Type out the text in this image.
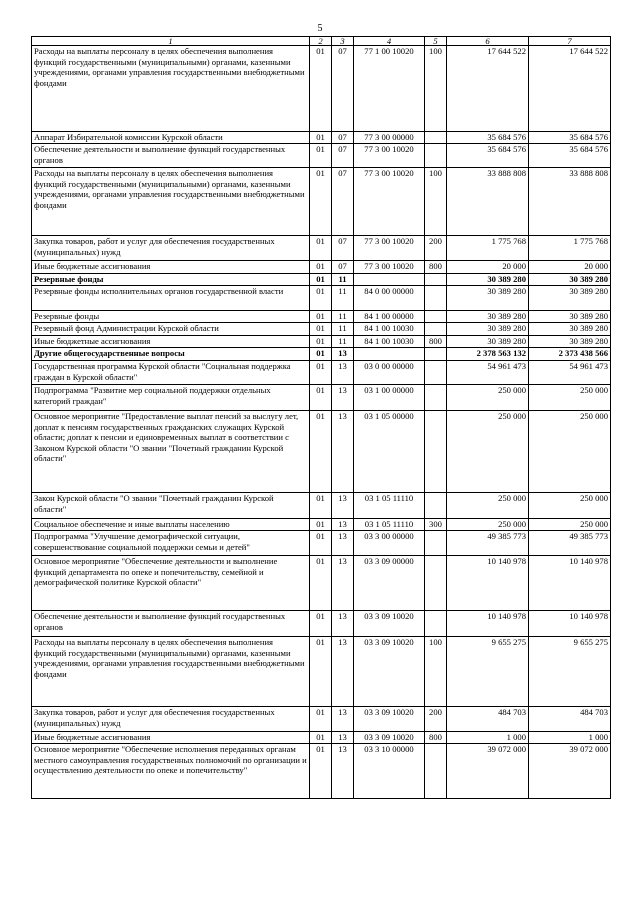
5
1	2	3	4	5	6	7
Расходы на выплаты персоналу в целях обеспечения выполнения функций государственными (муниципальными) органами, казенными учреждениями, органами управления государственными внебюджетными фондами	01	07	77 1 00 10020	100	17 644 522	17 644 522
Аппарат Избирательной комиссии Курской области	01	07	77 3 00 00000		35 684 576	35 684 576
Обеспечение деятельности и выполнение функций государственных органов	01	07	77 3 00 10020		35 684 576	35 684 576
Расходы на выплаты персоналу в целях обеспечения выполнения функций государственными (муниципальными) органами, казенными учреждениями, органами управления государственными внебюджетными фондами	01	07	77 3 00 10020	100	33 888 808	33 888 808
Закупка товаров, работ и услуг для обеспечения государственных (муниципальных) нужд	01	07	77 3 00 10020	200	1 775 768	1 775 768
Иные бюджетные ассигнования	01	07	77 3 00 10020	800	20 000	20 000
Резервные фонды	01	11			30 389 280	30 389 280
Резервные фонды исполнительных органов государственной власти	01	11	84 0 00 00000		30 389 280	30 389 280
Резервные фонды	01	11	84 1 00 00000		30 389 280	30 389 280
Резервный фонд Администрации Курской области	01	11	84 1 00 10030		30 389 280	30 389 280
Иные бюджетные ассигнования	01	11	84 1 00 10030	800	30 389 280	30 389 280
Другие общегосударственные вопросы	01	13			2 378 563 132	2 373 438 566
Государственная программа Курской области "Социальная поддержка граждан в Курской области"	01	13	03 0 00 00000		54 961 473	54 961 473
Подпрограмма "Развитие мер социальной поддержки отдельных категорий граждан"	01	13	03 1 00 00000		250 000	250 000
Основное мероприятие "Предоставление выплат пенсий за выслугу лет, доплат к пенсиям государственных гражданских служащих Курской области; доплат к пенсии и единовременных выплат в соответствии с Законом Курской области "О звании "Почетный гражданин Курской области"	01	13	03 1 05 00000		250 000	250 000
Закон Курской области "О звании "Почетный гражданин Курской области"	01	13	03 1 05 11110		250 000	250 000
Социальное обеспечение и иные выплаты населению	01	13	03 1 05 11110	300	250 000	250 000
Подпрограмма "Улучшение демографической ситуации, совершенствование социальной поддержки семьи и детей"	01	13	03 3 00 00000		49 385 773	49 385 773
Основное мероприятие "Обеспечение деятельности и выполнение функций департамента по опеке и попечительству, семейной и демографической политике Курской области"	01	13	03 3 09 00000		10 140 978	10 140 978
Обеспечение деятельности и выполнение функций государственных органов	01	13	03 3 09 10020		10 140 978	10 140 978
Расходы на выплаты персоналу в целях обеспечения выполнения функций государственными (муниципальными) органами, казенными учреждениями, органами управления государственными внебюджетными фондами	01	13	03 3 09 10020	100	9 655 275	9 655 275
Закупка товаров, работ и услуг для обеспечения государственных (муниципальных) нужд	01	13	03 3 09 10020	200	484 703	484 703
Иные бюджетные ассигнования	01	13	03 3 09 10020	800	1 000	1 000
Основное мероприятие "Обеспечение исполнения переданных органам местного самоуправления государственных полномочий по организации и осуществлению деятельности по опеке и попечительству"	01	13	03 3 10 00000		39 072 000	39 072 000
